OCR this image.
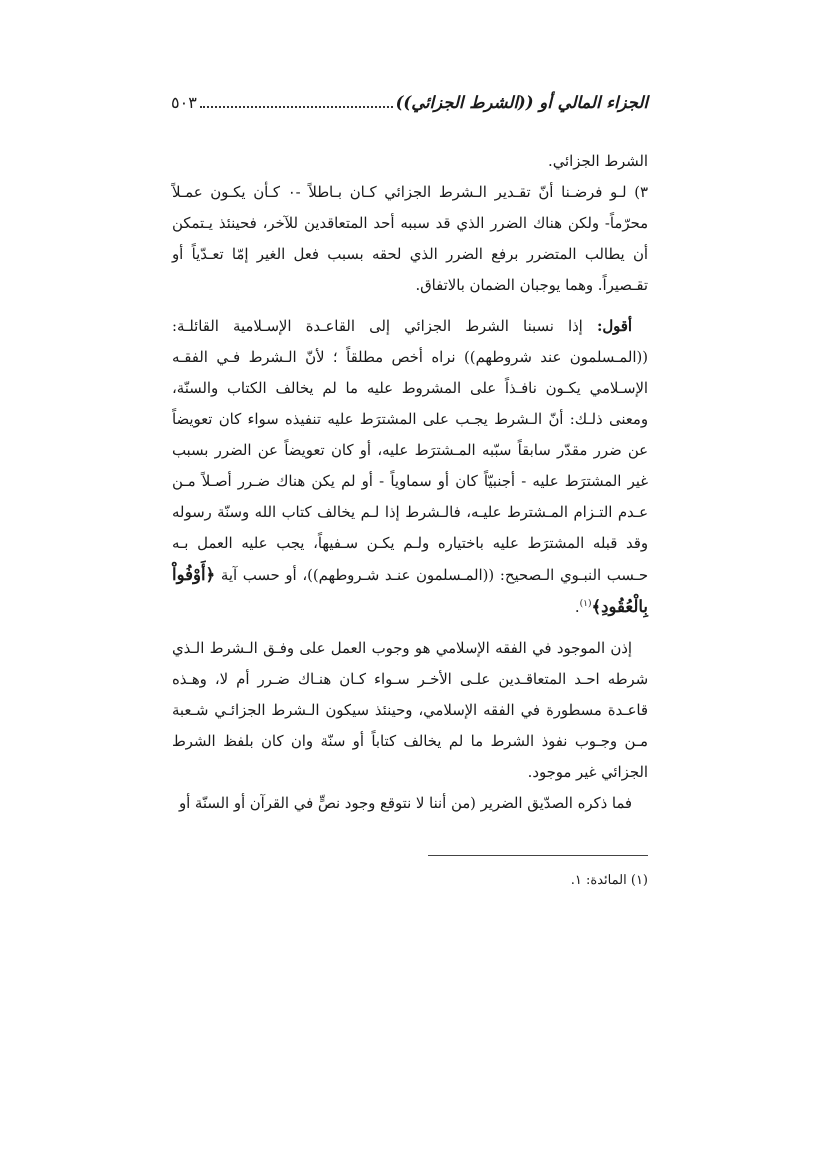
الجزاء المالي أو ((الشرط الجزائي))
٥٠٣

الشرط الجزائي.

٣) لـو فرضـنا أنّ تقـدير الـشرط الجزائي كـان بـاطلاً -٠ كـأن يكـون عمـلاً محرّماً- ولكن هناك الضرر الذي قد سببه أحد المتعاقدين للآخر، فحينئذ يـتمكن أن يطالب المتضرر برفع الضرر الذي لحقه بسبب فعل الغير إمّا تعـدّياً أو تقـصيراً. وهما يوجبان الضمان بالاتفاق.

أقول: إذا نسبنا الشرط الجزائي إلى القاعـدة الإسـلامية القائلـة: ((المـسلمون عند شروطهم)) نراه أخص مطلقاً ؛ لأنّ الـشرط فـي الفقـه الإسـلامي يكـون نافـذاً على المشروط عليه ما لم يخالف الكتاب والسنّة، ومعنى ذلـك: أنّ الـشرط يجـب على المشترَط عليه تنفيذه سواء كان تعويضاً عن ضرر مقدّر سابقاً سبّبه المـشترَط عليه، أو كان تعويضاً عن الضرر بسبب غير المشترَط عليه - أجنبيّاً كان أو سماوياً - أو لم يكن هناك ضـرر أصـلاً مـن عـدم التـزام المـشترط عليـه، فالـشرط إذا لـم يخالف كتاب الله وسنّة رسوله وقد قبله المشترَط عليه باختياره ولـم يكـن سـفيهاً، يجب عليه العمل بـه حـسب النبـوي الـصحيح: ((المـسلمون عنـد شـروطهم))، أو حسب آية ﴿أَوْفُواْ بِالْعُقُودِ﴾$^{(١)}$.

إذن الموجود في الفقه الإسلامي هو وجوب العمل على وفـق الـشرط الـذي شرطه احـد المتعاقـدين علـى الأخـر سـواء كـان هنـاك ضـرر أم لا، وهـذه قاعـدة مسطورة في الفقه الإسلامي، وحينئذ سيكون الـشرط الجزائـي شـعبة مـن وجـوب نفوذ الشرط ما لم يخالف كتاباً أو سنّة وان كان بلفظ الشرط الجزائي غير موجود.

فما ذكره الصدّيق الضرير (من أننا لا نتوقع وجود نصٍّ في القرآن أو السنّة أو

(١) المائدة: ١.
